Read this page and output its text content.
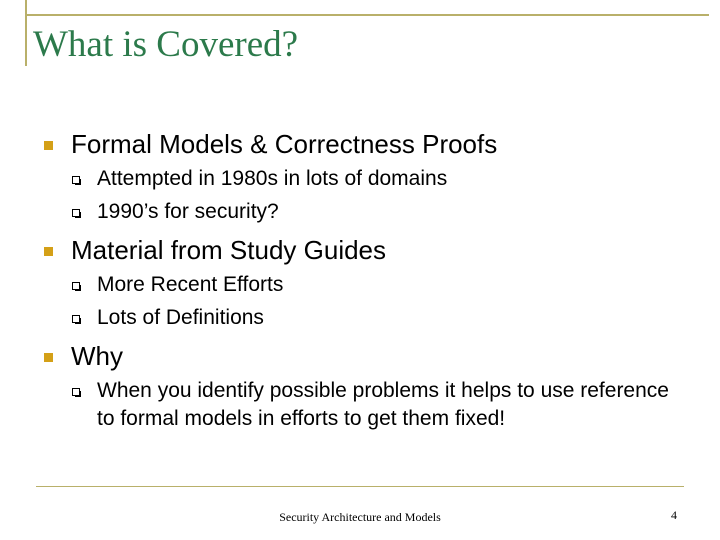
What is Covered?
Formal Models & Correctness Proofs
Attempted in 1980s in lots of domains
1990’s for security?
Material from Study Guides
More Recent Efforts
Lots of Definitions
Why
When you identify possible problems it helps to use reference to formal models in efforts to get them fixed!
Security Architecture and Models	4
